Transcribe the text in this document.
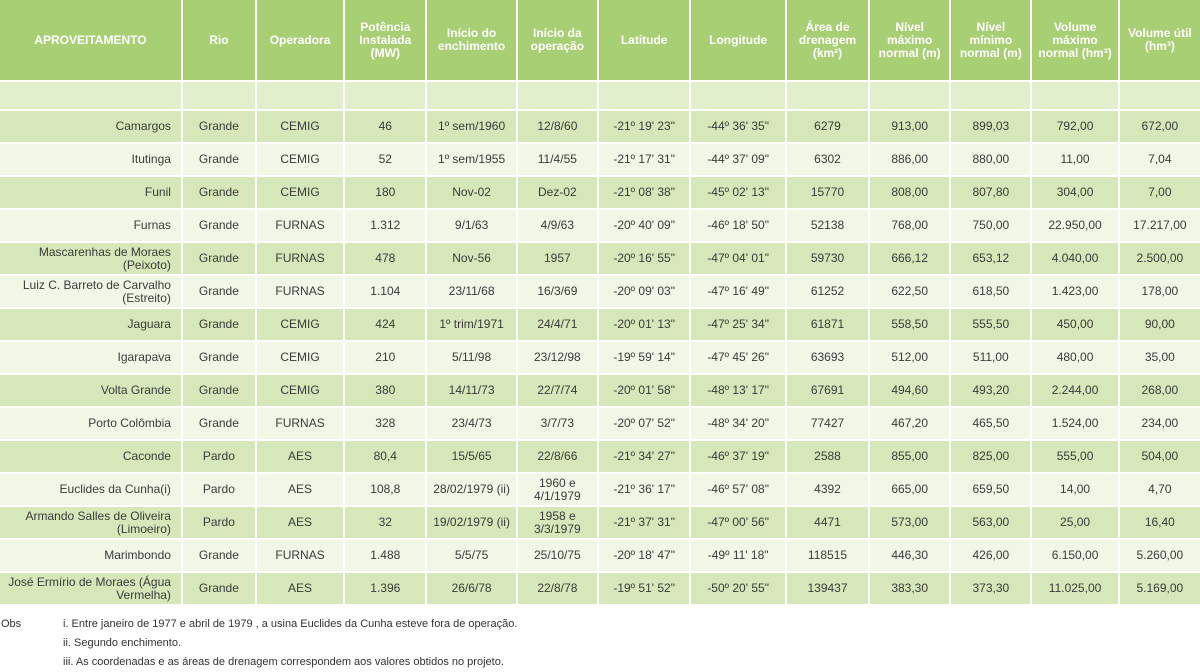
APROVEITAMENTO	Rio	Operadora	Potência Instalada (MW)	Início do enchimento	Início da operação	Latitude	Longitude	Área de drenagem (km²)	Nível máximo normal (m)	Nível mínimo normal (m)	Volume máximo normal (hm³)	Volume útil (hm³)

Camargos	Grande	CEMIG	46	1º sem/1960	12/8/60	-21º 19' 23"	-44º 36' 35"	6279	913,00	899,03	792,00	672,00
Itutinga	Grande	CEMIG	52	1º sem/1955	11/4/55	-21º 17' 31"	-44º 37' 09"	6302	886,00	880,00	11,00	7,04
Funil	Grande	CEMIG	180	Nov-02	Dez-02	-21º 08' 38"	-45º 02' 13"	15770	808,00	807,80	304,00	7,00
Furnas	Grande	FURNAS	1.312	9/1/63	4/9/63	-20º 40' 09"	-46º 18' 50"	52138	768,00	750,00	22.950,00	17.217,00
Mascarenhas de Moraes (Peixoto)	Grande	FURNAS	478	Nov-56	1957	-20º 16' 55"	-47º 04' 01"	59730	666,12	653,12	4.040,00	2.500,00
Luiz C. Barreto de Carvalho (Estreito)	Grande	FURNAS	1.104	23/11/68	16/3/69	-20º 09' 03"	-47º 16' 49"	61252	622,50	618,50	1.423,00	178,00
Jaguara	Grande	CEMIG	424	1º trim/1971	24/4/71	-20º 01' 13"	-47º 25' 34"	61871	558,50	555,50	450,00	90,00
Igarapava	Grande	CEMIG	210	5/11/98	23/12/98	-19º 59' 14"	-47º 45' 26"	63693	512,00	511,00	480,00	35,00
Volta Grande	Grande	CEMIG	380	14/11/73	22/7/74	-20º 01' 58"	-48º 13' 17"	67691	494,60	493,20	2.244,00	268,00
Porto Colômbia	Grande	FURNAS	328	23/4/73	3/7/73	-20º 07' 52"	-48º 34' 20"	77427	467,20	465,50	1.524,00	234,00
Caconde	Pardo	AES	80,4	15/5/65	22/8/66	-21º 34' 27"	-46º 37' 19"	2588	855,00	825,00	555,00	504,00
Euclides da Cunha(i)	Pardo	AES	108,8	28/02/1979 (ii)	1960 e 4/1/1979	-21º 36' 17"	-46º 57' 08"	4392	665,00	659,50	14,00	4,70
Armando Salles de Oliveira (Limoeiro)	Pardo	AES	32	19/02/1979 (ii)	1958 e 3/3/1979	-21º 37' 31"	-47º 00' 56"	4471	573,00	563,00	25,00	16,40
Marimbondo	Grande	FURNAS	1.488	5/5/75	25/10/75	-20º 18' 47"	-49º 11' 18"	118515	446,30	426,00	6.150,00	5.260,00
José Ermírio de Moraes (Água Vermelha)	Grande	AES	1.396	26/6/78	22/8/78	-19º 51' 52"	-50º 20' 55"	139437	383,30	373,30	11.025,00	5.169,00
Obs	i. Entre janeiro de 1977 e abril de 1979 , a usina Euclides da Cunha esteve fora de operação.
ii. Segundo enchimento.
iii. As coordenadas e as áreas de drenagem correspondem aos valores obtidos no projeto.
